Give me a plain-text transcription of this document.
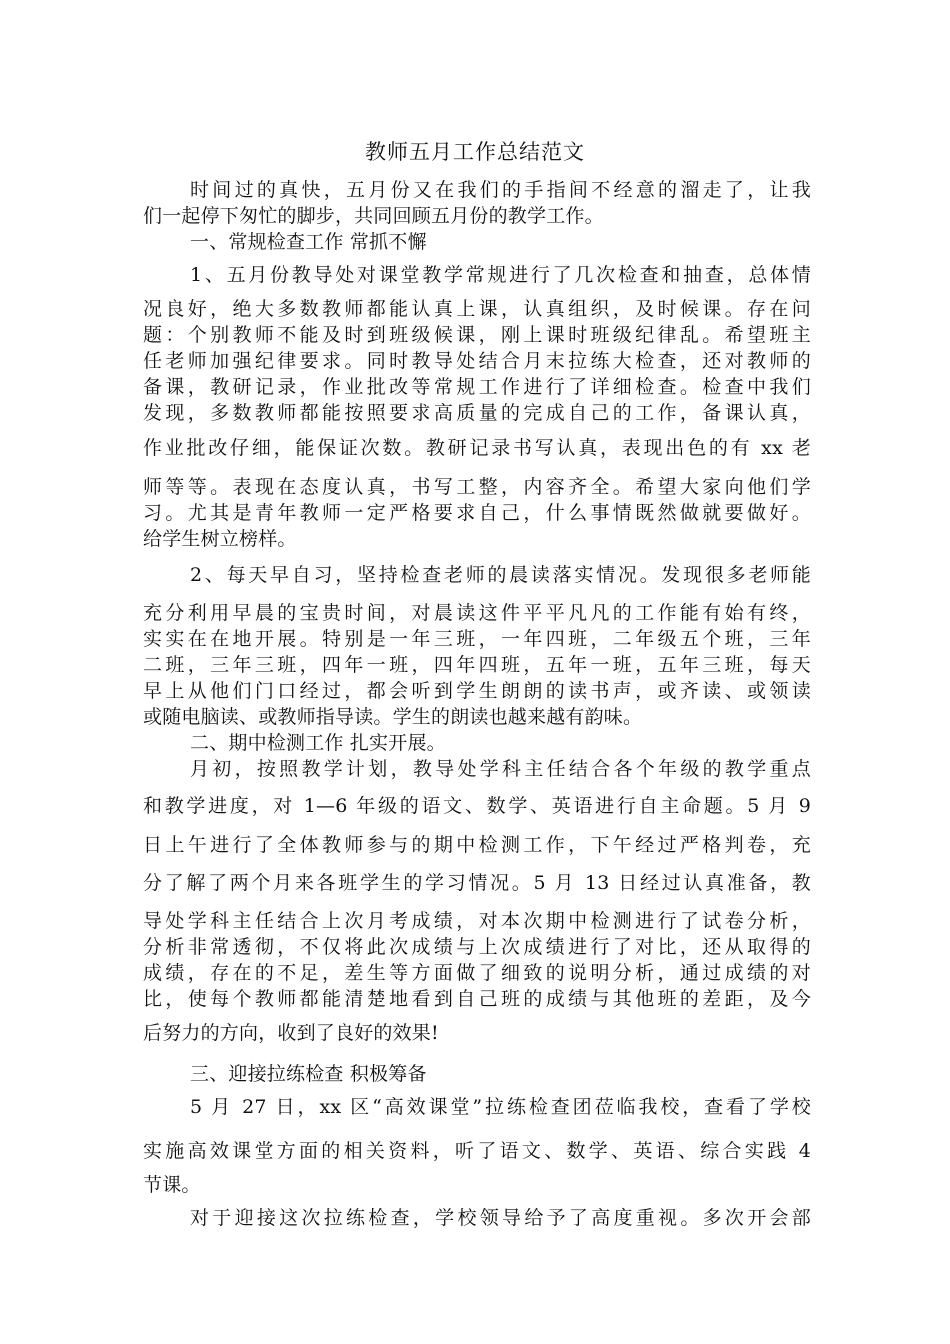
教师五月工作总结范文
时间过的真快，五月份又在我们的手指间不经意的溜走了，让我
们一起停下匆忙的脚步，共同回顾五月份的教学工作。
一、常规检查工作 常抓不懈
1、五月份教导处对课堂教学常规进行了几次检查和抽查，总体情
况良好，绝大多数教师都能认真上课，认真组织，及时候课。存在问
题：个别教师不能及时到班级候课，刚上课时班级纪律乱。希望班主
任老师加强纪律要求。同时教导处结合月末拉练大检查，还对教师的
备课，教研记录，作业批改等常规工作进行了详细检查。检查中我们
发现，多数教师都能按照要求高质量的完成自己的工作，备课认真，
作业批改仔细，能保证次数。教研记录书写认真，表现出色的有 xx 老
师等等。表现在态度认真，书写工整，内容齐全。希望大家向他们学
习。尤其是青年教师一定严格要求自己，什么事情既然做就要做好。
给学生树立榜样。
2、每天早自习，坚持检查老师的晨读落实情况。发现很多老师能
充分利用早晨的宝贵时间，对晨读这件平平凡凡的工作能有始有终，
实实在在地开展。特别是一年三班，一年四班，二年级五个班，三年
二班，三年三班，四年一班，四年四班，五年一班，五年三班，每天
早上从他们门口经过，都会听到学生朗朗的读书声，或齐读、或领读
或随电脑读、或教师指导读。学生的朗读也越来越有韵味。
二、期中检测工作 扎实开展。
月初，按照教学计划，教导处学科主任结合各个年级的教学重点
和教学进度，对 1—6 年级的语文、数学、英语进行自主命题。5 月 9
日上午进行了全体教师参与的期中检测工作，下午经过严格判卷，充
分了解了两个月来各班学生的学习情况。5 月 13 日经过认真准备，教
导处学科主任结合上次月考成绩，对本次期中检测进行了试卷分析，
分析非常透彻，不仅将此次成绩与上次成绩进行了对比，还从取得的
成绩，存在的不足，差生等方面做了细致的说明分析，通过成绩的对
比，使每个教师都能清楚地看到自己班的成绩与其他班的差距，及今
后努力的方向，收到了良好的效果!
三、迎接拉练检查 积极筹备
5 月 27 日，xx 区“高效课堂”拉练检查团莅临我校，查看了学校
实施高效课堂方面的相关资料，听了语文、数学、英语、综合实践 4
节课。
对于迎接这次拉练检查，学校领导给予了高度重视。多次开会部
